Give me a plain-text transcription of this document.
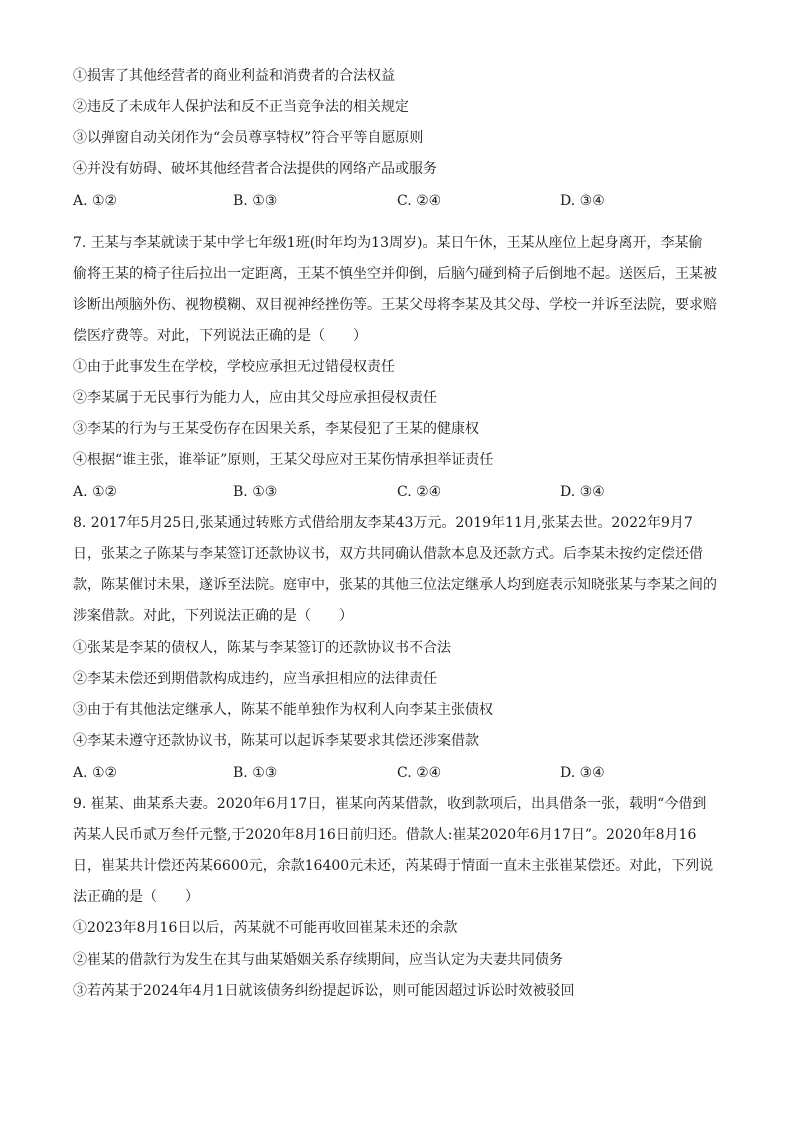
①损害了其他经营者的商业利益和消费者的合法权益
②违反了未成年人保护法和反不正当竞争法的相关规定
③以弹窗自动关闭作为“会员尊享特权”符合平等自愿原则
④并没有妨碍、破坏其他经营者合法提供的网络产品或服务
A. ①②	B. ①③	C. ②④	D. ③④
7. 王某与李某就读于某中学七年级1班(时年均为13周岁)。某日午休，王某从座位上起身离开，李某偷
偷将王某的椅子往后拉出一定距离，王某不慎坐空并仰倒，后脑勺碰到椅子后倒地不起。送医后，王某被
诊断出颅脑外伤、视物模糊、双目视神经挫伤等。王某父母将李某及其父母、学校一并诉至法院，要求赔
偿医疗费等。对此，下列说法正确的是（　　）
①由于此事发生在学校，学校应承担无过错侵权责任
②李某属于无民事行为能力人，应由其父母应承担侵权责任
③李某的行为与王某受伤存在因果关系，李某侵犯了王某的健康权
④根据“谁主张，谁举证”原则，王某父母应对王某伤情承担举证责任
A. ①②	B. ①③	C. ②④	D. ③④
8. 2017年5月25日,张某通过转账方式借给朋友李某43万元。2019年11月,张某去世。2022年9月7
日，张某之子陈某与李某签订还款协议书，双方共同确认借款本息及还款方式。后李某未按约定偿还借
款，陈某催讨未果，遂诉至法院。庭审中，张某的其他三位法定继承人均到庭表示知晓张某与李某之间的
涉案借款。对此，下列说法正确的是（　　）
①张某是李某的债权人，陈某与李某签订的还款协议书不合法
②李某未偿还到期借款构成违约，应当承担相应的法律责任
③由于有其他法定继承人，陈某不能单独作为权利人向李某主张债权
④李某未遵守还款协议书，陈某可以起诉李某要求其偿还涉案借款
A. ①②	B. ①③	C. ②④	D. ③④
9. 崔某、曲某系夫妻。2020年6月17日，崔某向芮某借款，收到款项后，出具借条一张，载明“今借到
芮某人民币贰万叁仟元整,于2020年8月16日前归还。借款人:崔某2020年6月17日”。2020年8月16
日，崔某共计偿还芮某6600元，余款16400元未还，芮某碍于情面一直未主张崔某偿还。对此，下列说
法正确的是（　　）
①2023年8月16日以后，芮某就不可能再收回崔某未还的余款
②崔某的借款行为发生在其与曲某婚姻关系存续期间，应当认定为夫妻共同债务
③若芮某于2024年4月1日就该债务纠纷提起诉讼，则可能因超过诉讼时效被驳回
